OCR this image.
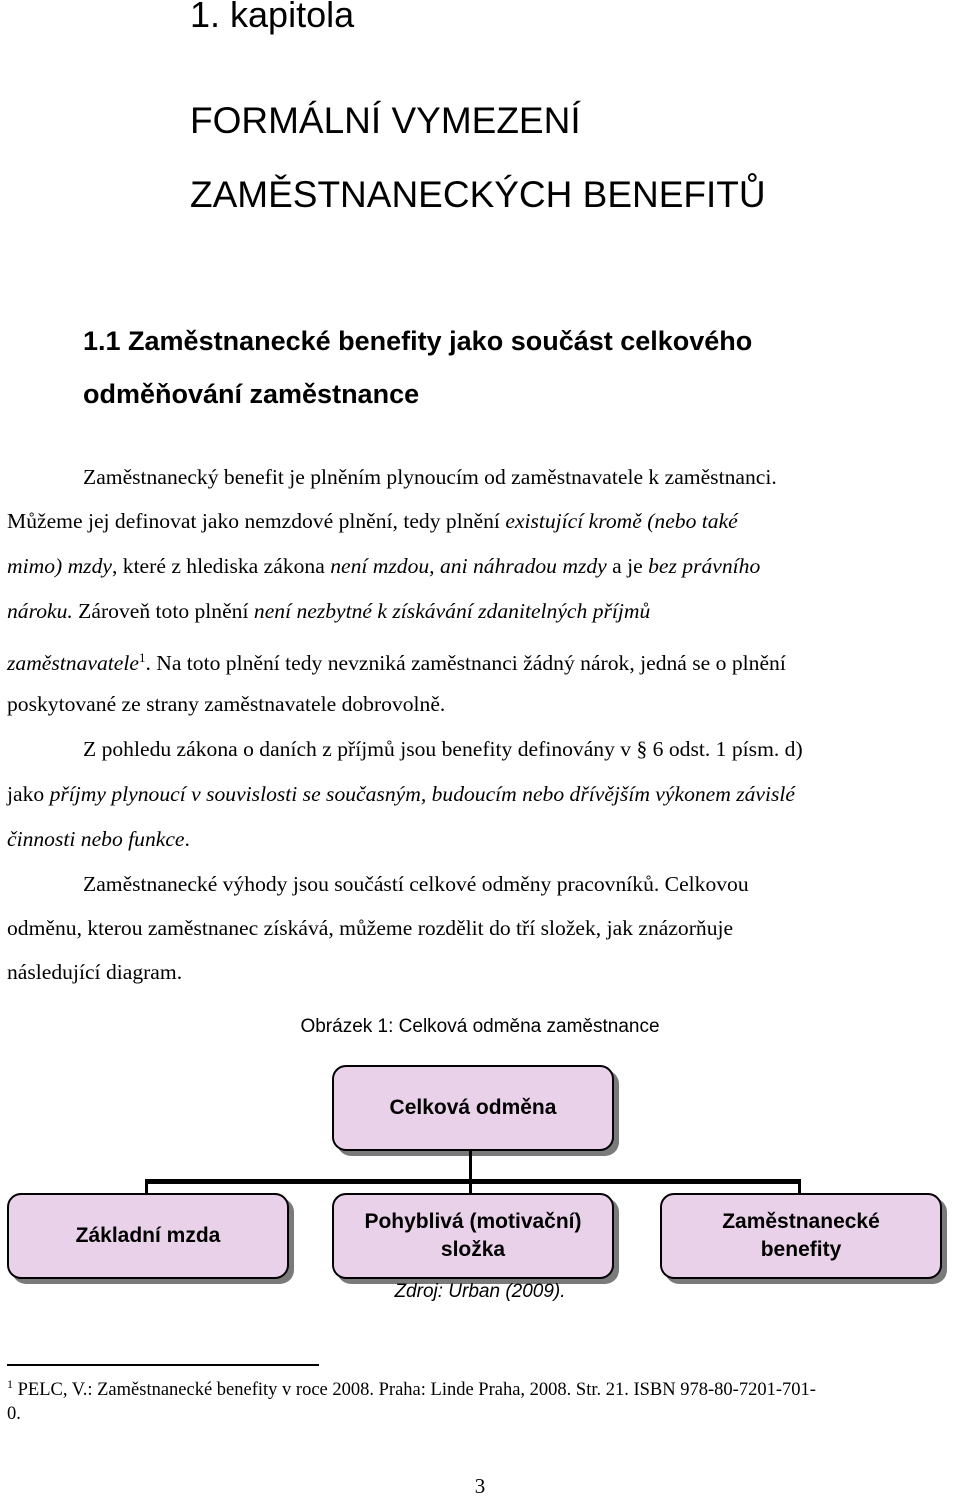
1. kapitola
FORMÁLNÍ VYMEZENÍ
ZAMĚSTNANECKÝCH BENEFITŮ
1.1 Zaměstnanecké benefity jako součást celkového
odměňování zaměstnance
Zaměstnanecký benefit je plněním plynoucím od zaměstnavatele k zaměstnanci.
Můžeme jej definovat jako nemzdové plnění, tedy plnění existující kromě (nebo také
mimo) mzdy, které z hlediska zákona není mzdou, ani náhradou mzdy a je bez právního
nároku. Zároveň toto plnění není nezbytné k získávání zdanitelných příjmů
zaměstnavatele$^1$. Na toto plnění tedy nevzniká zaměstnanci žádný nárok, jedná se o plnění
poskytované ze strany zaměstnavatele dobrovolně.
Z pohledu zákona o daních z příjmů jsou benefity definovány v § 6 odst. 1 písm. d)
jako příjmy plynoucí v souvislosti se současným, budoucím nebo dřívějším výkonem závislé
činnosti nebo funkce.
Zaměstnanecké výhody jsou součástí celkové odměny pracovníků. Celkovou
odměnu, kterou zaměstnanec získává, můžeme rozdělit do tří složek, jak znázorňuje
následující diagram.
Obrázek 1: Celková odměna zaměstnance
Celková odměna
Základní mzda
Pohyblivá (motivační)
složka
Zaměstnanecké
benefity
Zdroj: Urban (2009).
$^1$ PELC, V.: Zaměstnanecké benefity v roce 2008. Praha: Linde Praha, 2008. Str. 21. ISBN 978-80-7201-701-
0.
3
